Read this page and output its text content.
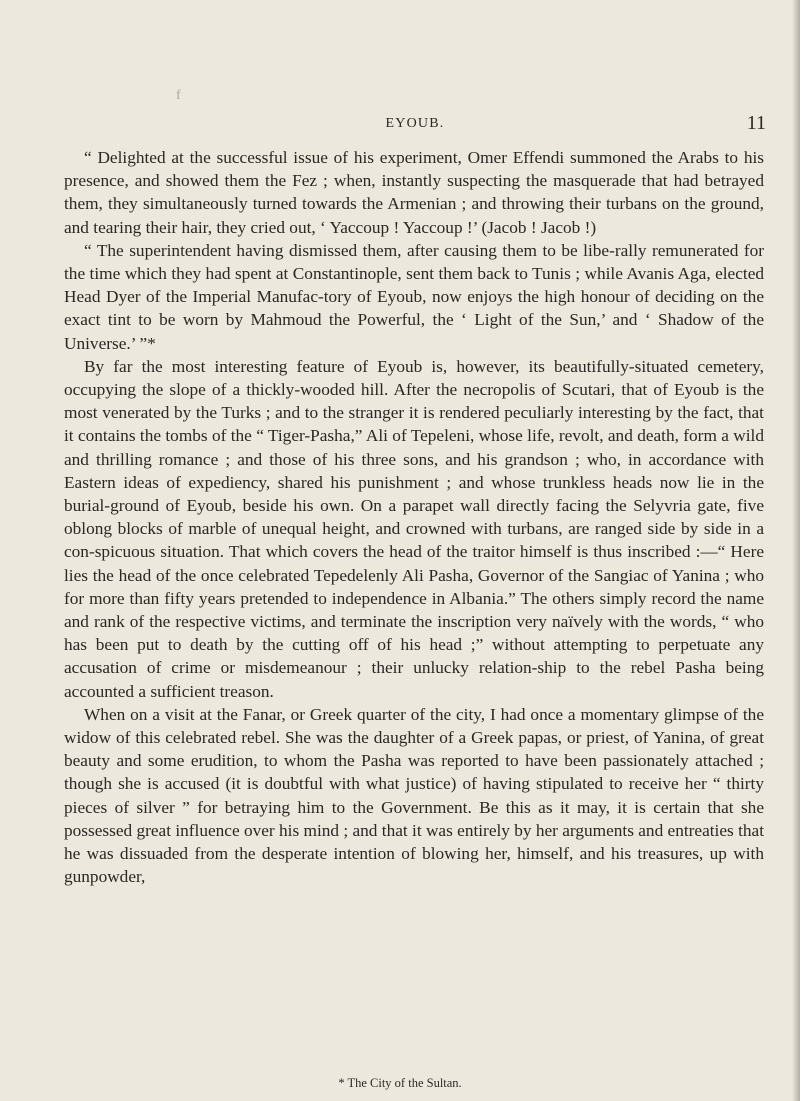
f
EYOUB.	11

“ Delighted at the successful issue of his experiment, Omer Effendi summoned the Arabs to his presence, and showed them the Fez ; when, instantly suspecting the masquerade that had betrayed them, they simultaneously turned towards the Armenian ; and throwing their turbans on the ground, and tearing their hair, they cried out, ‘ Yaccoup ! Yaccoup !’ (Jacob ! Jacob !)

“ The superintendent having dismissed them, after causing them to be libe-rally remunerated for the time which they had spent at Constantinople, sent them back to Tunis ; while Avanis Aga, elected Head Dyer of the Imperial Manufac-tory of Eyoub, now enjoys the high honour of deciding on the exact tint to be worn by Mahmoud the Powerful, the ‘ Light of the Sun,’ and ‘ Shadow of the Universe.’ ”*

By far the most interesting feature of Eyoub is, however, its beautifully-situated cemetery, occupying the slope of a thickly-wooded hill. After the necropolis of Scutari, that of Eyoub is the most venerated by the Turks ; and to the stranger it is rendered peculiarly interesting by the fact, that it contains the tombs of the “ Tiger-Pasha,” Ali of Tepeleni, whose life, revolt, and death, form a wild and thrilling romance ; and those of his three sons, and his grandson ; who, in accordance with Eastern ideas of expediency, shared his punishment ; and whose trunkless heads now lie in the burial-ground of Eyoub, beside his own. On a parapet wall directly facing the Selyvria gate, five oblong blocks of marble of unequal height, and crowned with turbans, are ranged side by side in a con-spicuous situation. That which covers the head of the traitor himself is thus inscribed :—“ Here lies the head of the once celebrated Tepedelenly Ali Pasha, Governor of the Sangiac of Yanina ; who for more than fifty years pretended to independence in Albania.” The others simply record the name and rank of the respective victims, and terminate the inscription very naïvely with the words, “ who has been put to death by the cutting off of his head ;” without attempting to perpetuate any accusation of crime or misdemeanour ; their unlucky relation-ship to the rebel Pasha being accounted a sufficient treason.

When on a visit at the Fanar, or Greek quarter of the city, I had once a momentary glimpse of the widow of this celebrated rebel. She was the daughter of a Greek papas, or priest, of Yanina, of great beauty and some erudition, to whom the Pasha was reported to have been passionately attached ; though she is accused (it is doubtful with what justice) of having stipulated to receive her “ thirty pieces of silver ” for betraying him to the Government. Be this as it may, it is certain that she possessed great influence over his mind ; and that it was entirely by her arguments and entreaties that he was dissuaded from the desperate intention of blowing her, himself, and his treasures, up with gunpowder,

* The City of the Sultan.
